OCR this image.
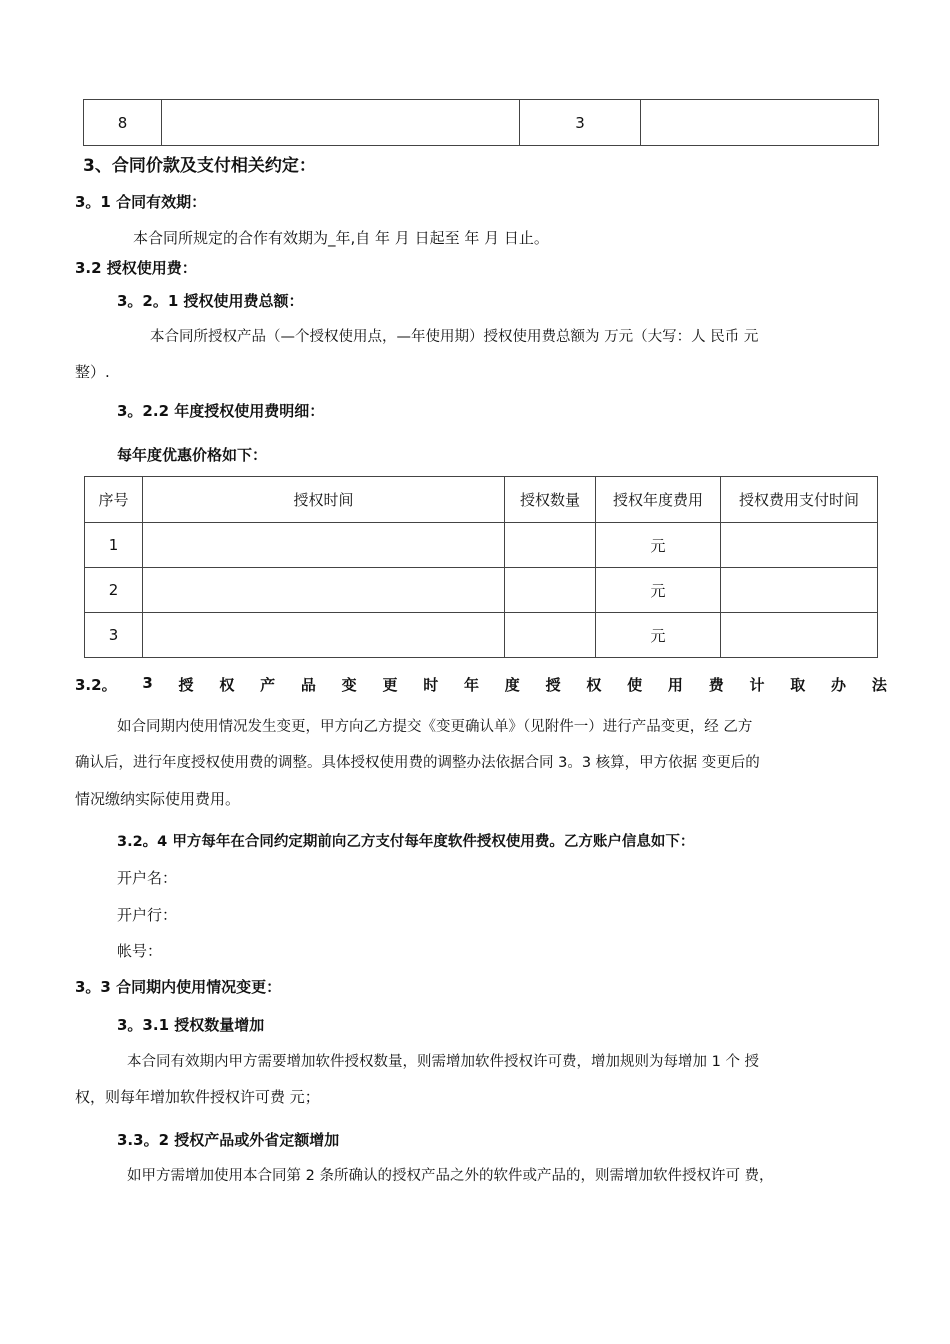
8		3	
3、合同价款及支付相关约定：
3。1 合同有效期：
本合同所规定的合作有效期为_年,自 年 月 日起至 年 月 日止。
3.2 授权使用费：
3。2。1 授权使用费总额：
本合同所授权产品（—个授权使用点，—年使用期）授权使用费总额为 万元（大写：人 民币 元
整）.
3。2.2 年度授权使用费明细：
每年度优惠价格如下：
序号	授权时间	授权数量	授权年度费用	授权费用支付时间
1			元	
2			元	
3			元	
3.2。 3 授 权 产 品 变 更 时 年 度 授 权 使 用 费 计 取 办 法
如合同期内使用情况发生变更，甲方向乙方提交《变更确认单》（见附件一）进行产品变更，经 乙方
确认后，进行年度授权使用费的调整。具体授权使用费的调整办法依据合同 3。3 核算，甲方依据 变更后的
情况缴纳实际使用费用。
3.2。4 甲方每年在合同约定期前向乙方支付每年度软件授权使用费。乙方账户信息如下：
开户名：
开户行：
帐号：
3。3 合同期内使用情况变更：
3。3.1 授权数量增加
本合同有效期内甲方需要增加软件授权数量，则需增加软件授权许可费，增加规则为每增加 1 个 授
权，则每年增加软件授权许可费 元；
3.3。2 授权产品或外省定额增加
如甲方需增加使用本合同第 2 条所确认的授权产品之外的软件或产品的，则需增加软件授权许可 费，
